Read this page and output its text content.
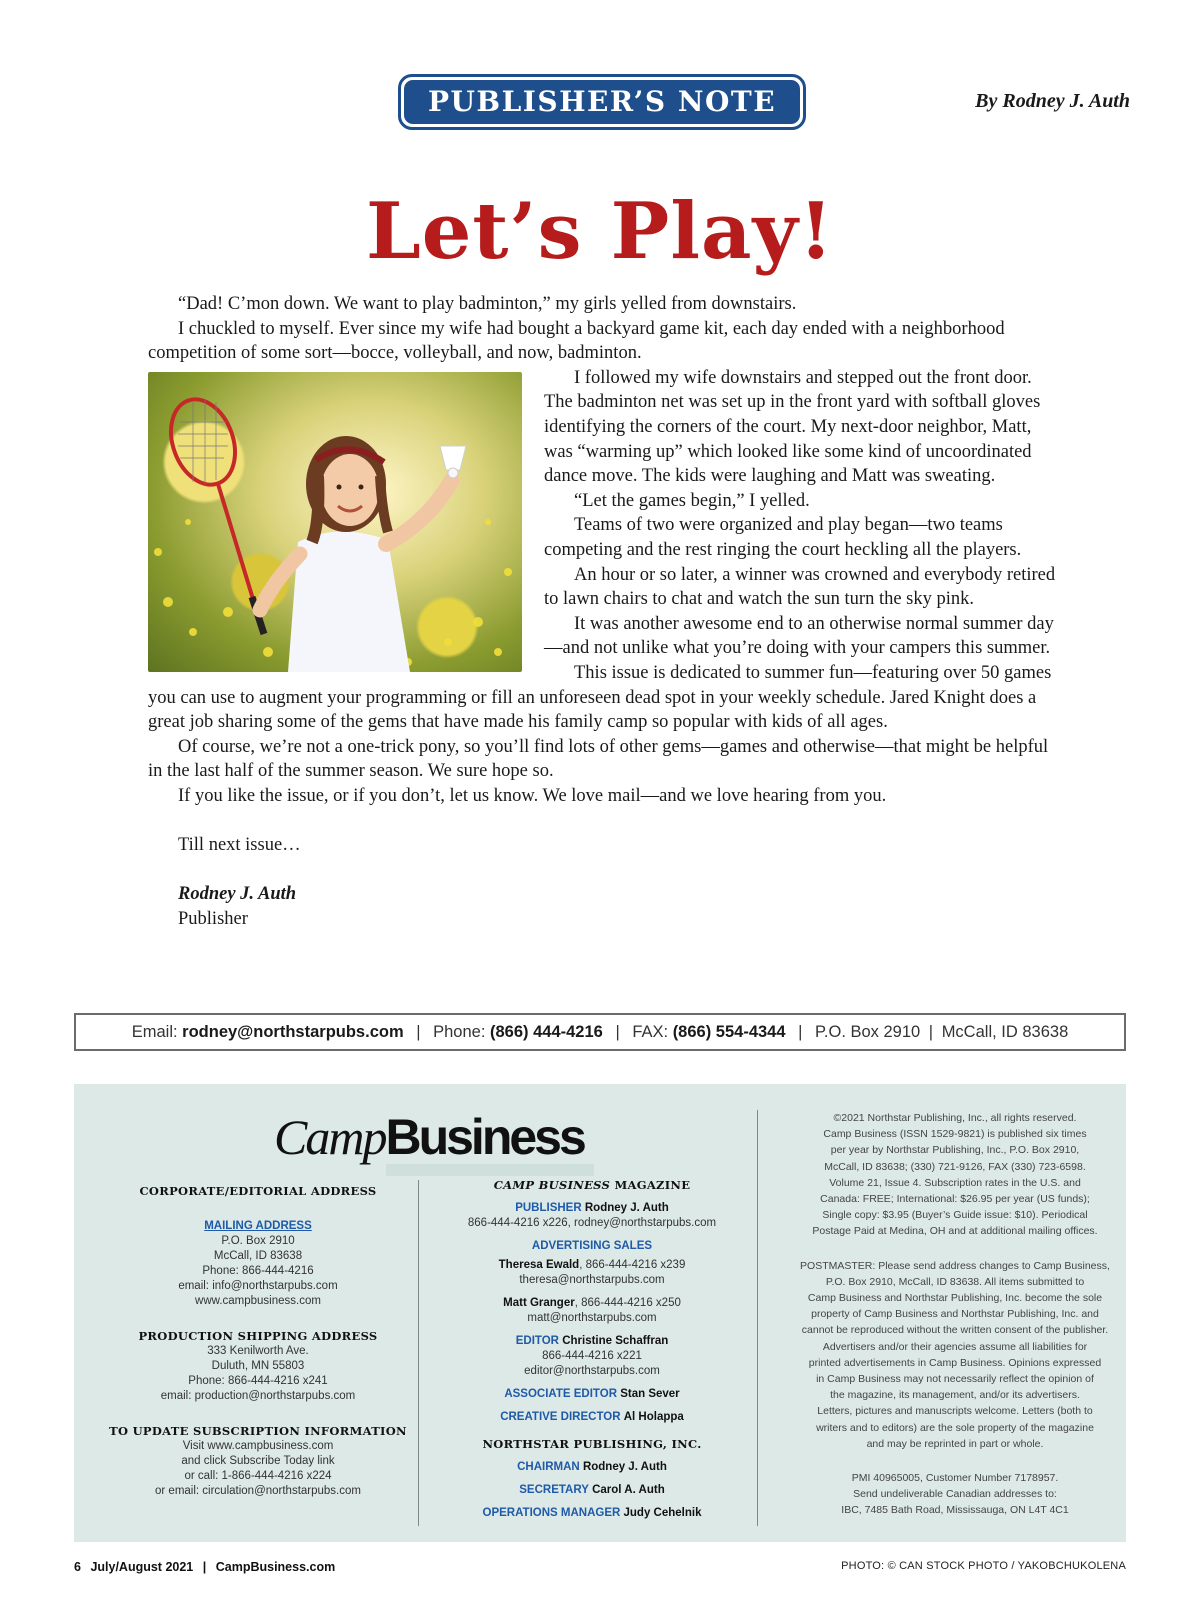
PUBLISHER’S NOTE	By Rodney J. Auth
Let’s Play!

“Dad! C’mon down. We want to play badminton,” my girls yelled from downstairs.

I chuckled to myself. Ever since my wife had bought a backyard game kit, each day ended with a neighborhood competition of some sort—bocce, volleyball, and now, badminton.

I followed my wife downstairs and stepped out the front door. The badminton net was set up in the front yard with softball gloves identifying the corners of the court. My next-door neighbor, Matt, was “warming up” which looked like some kind of uncoordinated dance move. The kids were laughing and Matt was sweating.

“Let the games begin,” I yelled.

Teams of two were organized and play began—two teams competing and the rest ringing the court heckling all the players.

An hour or so later, a winner was crowned and everybody retired to lawn chairs to chat and watch the sun turn the sky pink.

It was another awesome end to an otherwise normal summer day—and not unlike what you’re doing with your campers this summer.

This issue is dedicated to summer fun—featuring over 50 games you can use to augment your programming or fill an unforeseen dead spot in your weekly schedule. Jared Knight does a great job sharing some of the gems that have made his family camp so popular with kids of all ages.

Of course, we’re not a one-trick pony, so you’ll find lots of other gems—games and otherwise—that might be helpful in the last half of the summer season. We sure hope so.

If you like the issue, or if you don’t, let us know. We love mail—and we love hearing from you.

Till next issue…

Rodney J. Auth

Publisher

Email: rodney@northstarpubs.com | Phone: (866) 444-4216 | FAX: (866) 554-4344 | P.O. Box 2910 | McCall, ID 83638
CampBusiness
CORPORATE/EDITORIAL ADDRESS
MAILING ADDRESS
P.O. Box 2910
McCall, ID 83638
Phone: 866-444-4216
email: info@northstarpubs.com
www.campbusiness.com
PRODUCTION SHIPPING ADDRESS
333 Kenilworth Ave.
Duluth, MN 55803
Phone: 866-444-4216 x241
email: production@northstarpubs.com
TO UPDATE SUBSCRIPTION INFORMATION
Visit www.campbusiness.com
and click Subscribe Today link
or call: 1-866-444-4216 x224
or email: circulation@northstarpubs.com
CAMP BUSINESS MAGAZINE
PUBLISHER Rodney J. Auth
866-444-4216 x226, rodney@northstarpubs.com
ADVERTISING SALES
Theresa Ewald, 866-444-4216 x239
theresa@northstarpubs.com
Matt Granger, 866-444-4216 x250
matt@northstarpubs.com
EDITOR Christine Schaffran
866-444-4216 x221
editor@northstarpubs.com
ASSOCIATE EDITOR Stan Sever
CREATIVE DIRECTOR Al Holappa
NORTHSTAR PUBLISHING, INC.
CHAIRMAN Rodney J. Auth
SECRETARY Carol A. Auth
OPERATIONS MANAGER Judy Cehelnik
©2021 Northstar Publishing, Inc., all rights reserved.
Camp Business (ISSN 1529-9821) is published six times
per year by Northstar Publishing, Inc., P.O. Box 2910,
McCall, ID 83638; (330) 721-9126, FAX (330) 723-6598.
Volume 21, Issue 4. Subscription rates in the U.S. and
Canada: FREE; International: $26.95 per year (US funds);
Single copy: $3.95 (Buyer’s Guide issue: $10). Periodical
Postage Paid at Medina, OH and at additional mailing offices.
POSTMASTER: Please send address changes to Camp Business,
P.O. Box 2910, McCall, ID 83638. All items submitted to
Camp Business and Northstar Publishing, Inc. become the sole
property of Camp Business and Northstar Publishing, Inc. and
cannot be reproduced without the written consent of the publisher.
Advertisers and/or their agencies assume all liabilities for
printed advertisements in Camp Business. Opinions expressed
in Camp Business may not necessarily reflect the opinion of
the magazine, its management, and/or its advertisers.
Letters, pictures and manuscripts welcome. Letters (both to
writers and to editors) are the sole property of the magazine
and may be reprinted in part or whole.
PMI 40965005, Customer Number 7178957.
Send undeliverable Canadian addresses to:
IBC, 7485 Bath Road, Mississauga, ON L4T 4C1
6 July/August 2021 | CampBusiness.com	PHOTO: © CAN STOCK PHOTO / YAKOBCHUKOLENA
